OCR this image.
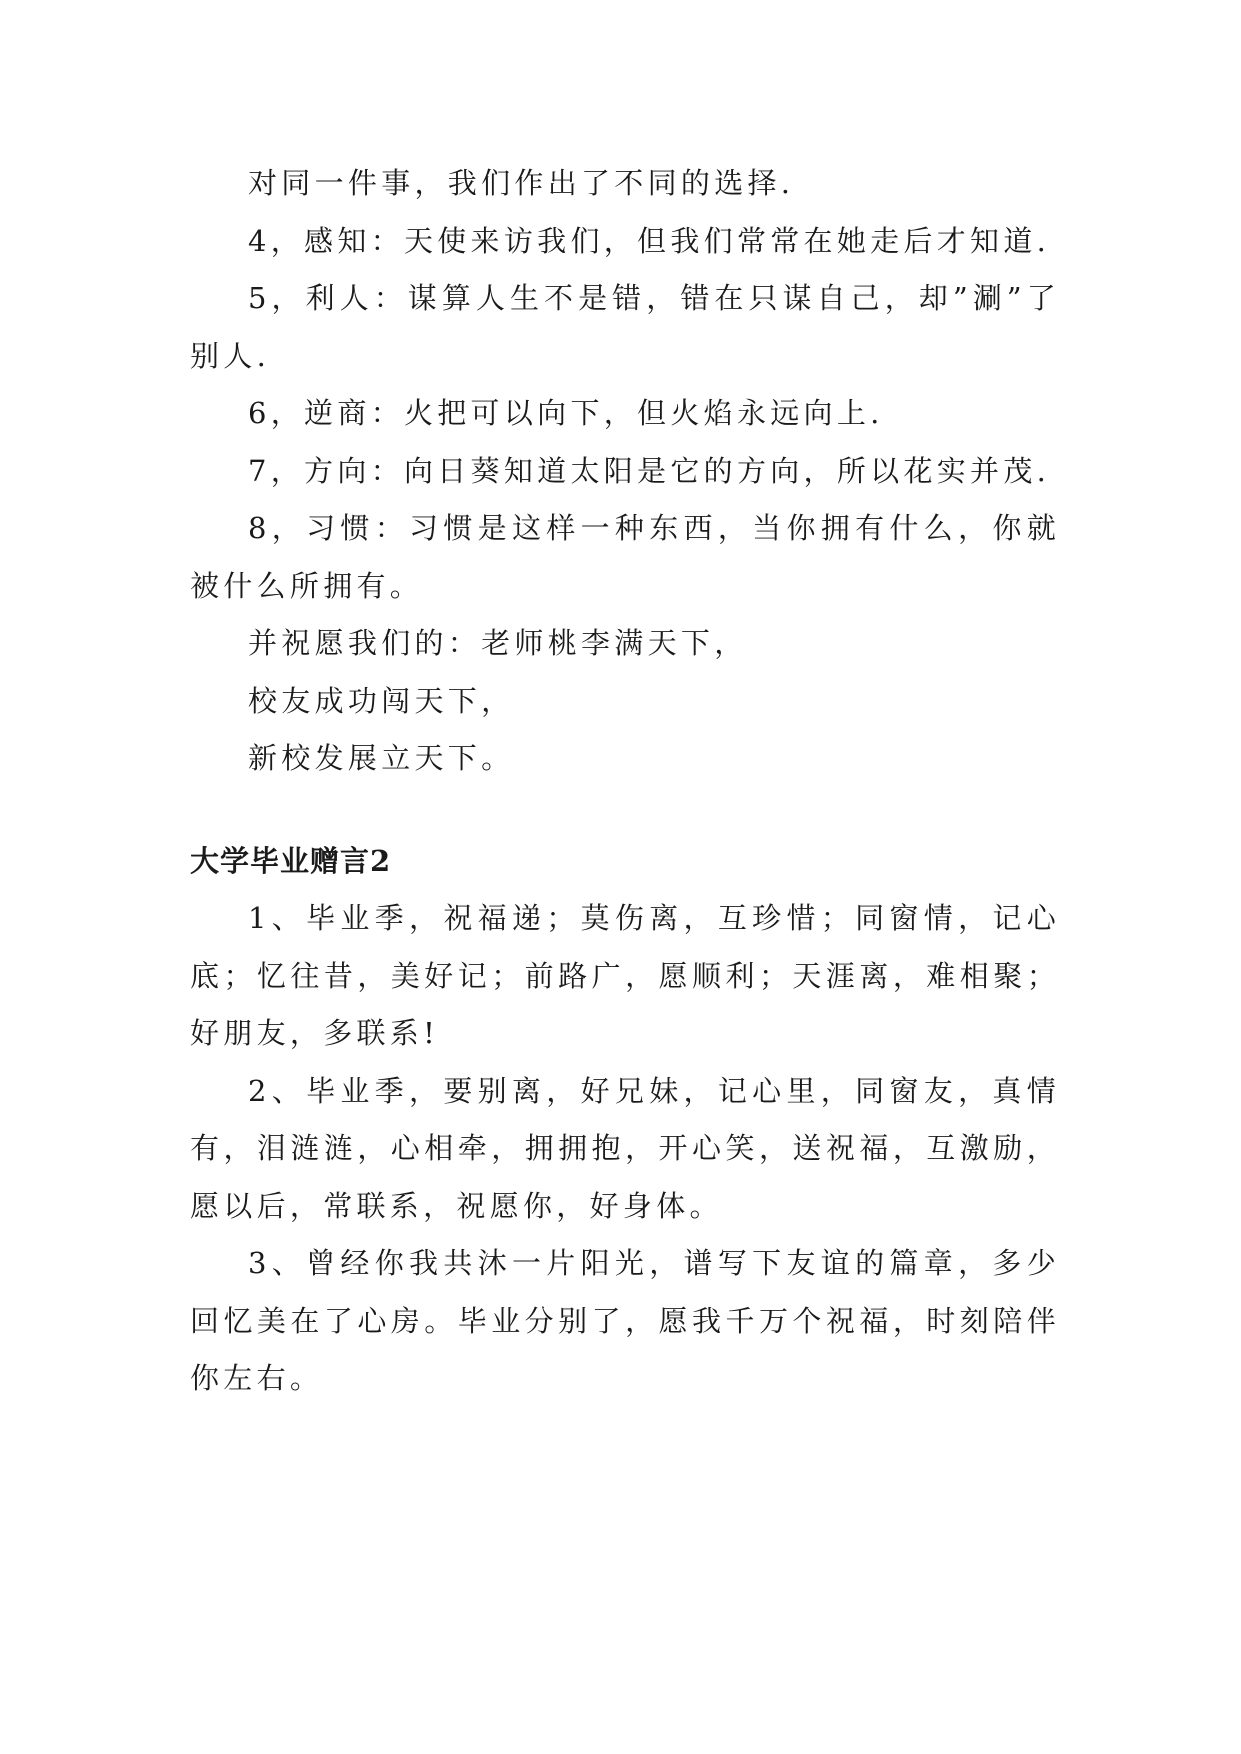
对同一件事，我们作出了不同的选择.

4，感知：天使来访我们，但我们常常在她走后才知道.

5，利人：谋算人生不是错，错在只谋自己，却”涮”了别人.

6，逆商：火把可以向下，但火焰永远向上.

7，方向：向日葵知道太阳是它的方向，所以花实并茂.

8，习惯：习惯是这样一种东西，当你拥有什么，你就被什么所拥有。

并祝愿我们的：老师桃李满天下，

校友成功闯天下，

新校发展立天下。

大学毕业赠言2

1、毕业季，祝福递；莫伤离，互珍惜；同窗情，记心底；忆往昔，美好记；前路广，愿顺利；天涯离，难相聚；好朋友，多联系!

2、毕业季，要别离，好兄妹，记心里，同窗友，真情有，泪涟涟，心相牵，拥拥抱，开心笑，送祝福，互激励，愿以后，常联系，祝愿你，好身体。

3、曾经你我共沐一片阳光，谱写下友谊的篇章，多少回忆美在了心房。毕业分别了，愿我千万个祝福，时刻陪伴你左右。
